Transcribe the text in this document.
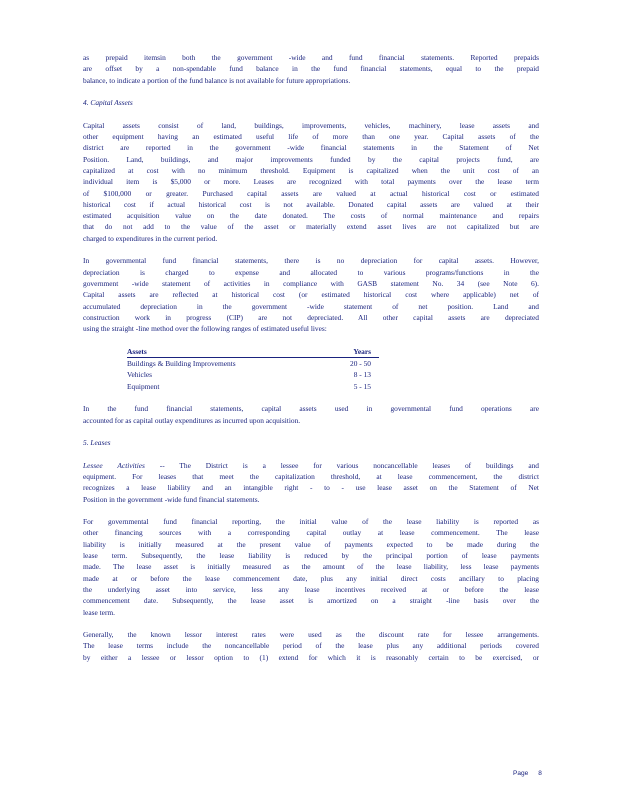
as prepaid itemsin both the government -wide and fund financial statements. Reported prepaids

are offset by a non-spendable fund balance in the fund financial statements, equal to the prepaid

balance, to indicate a portion of the fund balance is not available for future appropriations.

4. Capital Assets

Capital assets consist of land, buildings, improvements, vehicles, machinery, lease assets and

other equipment having an estimated useful life of more than one year. Capital assets of the

district are reported in the government -wide financial statements in the Statement of Net

Position. Land, buildings, and major improvements funded by the capital projects fund, are

capitalized at cost with no minimum threshold. Equipment is capitalized when the unit cost of an

individual item is $5,000 or more. Leases are recognized with total payments over the lease term

of $100,000 or greater. Purchased capital assets are valued at actual historical cost or estimated

historical cost if actual historical cost is not available. Donated capital assets are valued at their

estimated acquisition value on the date donated. The costs of normal maintenance and repairs

that do not add to the value of the asset or materially extend asset lives are not capitalized but are

charged to expenditures in the current period.

In governmental fund financial statements, there is no depreciation for capital assets. However,

depreciation is charged to expense and allocated to various programs/functions in the

government -wide statement of activities in compliance with GASB statement No. 34 (see Note 6).

Capital assets are reflected at historical cost (or estimated historical cost where applicable) net of

accumulated depreciation in the government -wide statement of net position. Land and

construction work in progress (CIP) are not depreciated. All other capital assets are depreciated

using the straight -line method over the following ranges of estimated useful lives:

Assets	Years
Buildings & Building Improvements	20 - 50
Vehicles	8 - 13
Equipment	5 - 15

In the fund financial statements, capital assets used in governmental fund operations are

accounted for as capital outlay expenditures as incurred upon acquisition.

5. Leases

Lessee Activities -- The District is a lessee for various noncancellable leases of buildings and

equipment. For leases that meet the capitalization threshold, at lease commencement, the district

recognizes a lease liability and an intangible right - to - use lease asset on the Statement of Net

Position in the government -wide fund financial statements.

For governmental fund financial reporting, the initial value of the lease liability is reported as

other financing sources with a corresponding capital outlay at lease commencement. The lease

liability is initially measured at the present value of payments expected to be made during the

lease term. Subsequently, the lease liability is reduced by the principal portion of lease payments

made. The lease asset is initially measured as the amount of the lease liability, less lease payments

made at or before the lease commencement date, plus any initial direct costs ancillary to placing

the underlying asset into service, less any lease incentives received at or before the lease

commencement date. Subsequently, the lease asset is amortized on a straight -line basis over the

lease term.

Generally, the known lessor interest rates were used as the discount rate for lessee arrangements.

The lease terms include the noncancellable period of the lease plus any additional periods covered

by either a lessee or lessor option to (1) extend for which it is reasonably certain to be exercised, or

Page 8
